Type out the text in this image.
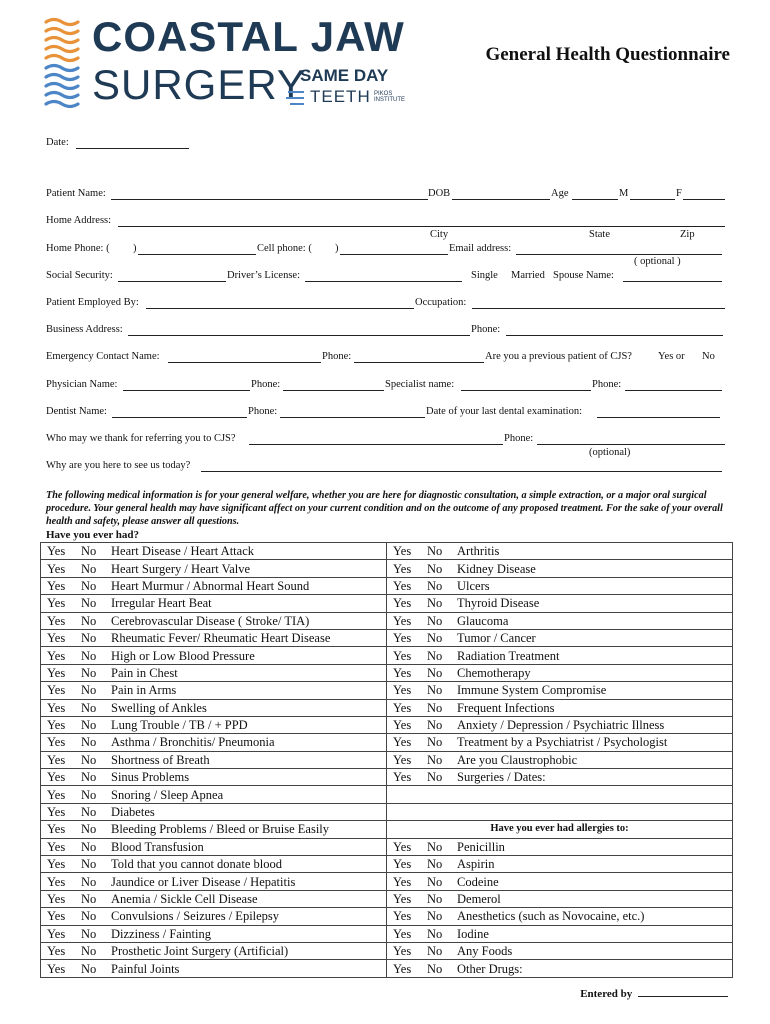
COASTAL JAW
SURGERY
SAME DAY
TEETH PIKOS
INSTITUTE
General Health Questionnaire
Date:
Patient Name:	DOB	Age	M	F
Home Address:
City	State	Zip
Home Phone: ( )	Cell phone: ( )	Email address:
( optional )
Social Security:	Driver’s License:	Single Married Spouse Name:
Patient Employed By:	Occupation:
Business Address:	Phone:
Emergency Contact Name:	Phone:	Are you a previous patient of CJS? Yes or No
Physician Name:	Phone:	Specialist name:	Phone:
Dentist Name:	Phone:	Date of your last dental examination:
Who may we thank for referring you to CJS?	Phone:
(optional)
Why are you here to see us today?
The following medical information is for your general welfare, whether you are here for diagnostic consultation, a simple extraction, or a major oral surgical procedure. Your general health may have significant affect on your current condition and on the outcome of any proposed treatment. For the sake of your overall health and safety, please answer all questions.
Have you ever had?
Yes No Heart Disease / Heart Attack	Yes No Arthritis
Yes No Heart Surgery / Heart Valve	Yes No Kidney Disease
Yes No Heart Murmur / Abnormal Heart Sound	Yes No Ulcers
Yes No Irregular Heart Beat	Yes No Thyroid Disease
Yes No Cerebrovascular Disease ( Stroke/ TIA)	Yes No Glaucoma
Yes No Rheumatic Fever/ Rheumatic Heart Disease	Yes No Tumor / Cancer
Yes No High or Low Blood Pressure	Yes No Radiation Treatment
Yes No Pain in Chest	Yes No Chemotherapy
Yes No Pain in Arms	Yes No Immune System Compromise
Yes No Swelling of Ankles	Yes No Frequent Infections
Yes No Lung Trouble / TB / + PPD	Yes No Anxiety / Depression / Psychiatric Illness
Yes No Asthma / Bronchitis/ Pneumonia	Yes No Treatment by a Psychiatrist / Psychologist
Yes No Shortness of Breath	Yes No Are you Claustrophobic
Yes No Sinus Problems	Yes No Surgeries / Dates:
Yes No Snoring / Sleep Apnea	
Yes No Diabetes	
Yes No Bleeding Problems / Bleed or Bruise Easily	Have you ever had allergies to:
Yes No Blood Transfusion	Yes No Penicillin
Yes No Told that you cannot donate blood	Yes No Aspirin
Yes No Jaundice or Liver Disease / Hepatitis	Yes No Codeine
Yes No Anemia / Sickle Cell Disease	Yes No Demerol
Yes No Convulsions / Seizures / Epilepsy	Yes No Anesthetics (such as Novocaine, etc.)
Yes No Dizziness / Fainting	Yes No Iodine
Yes No Prosthetic Joint Surgery (Artificial)	Yes No Any Foods
Yes No Painful Joints	Yes No Other Drugs:
Entered by
